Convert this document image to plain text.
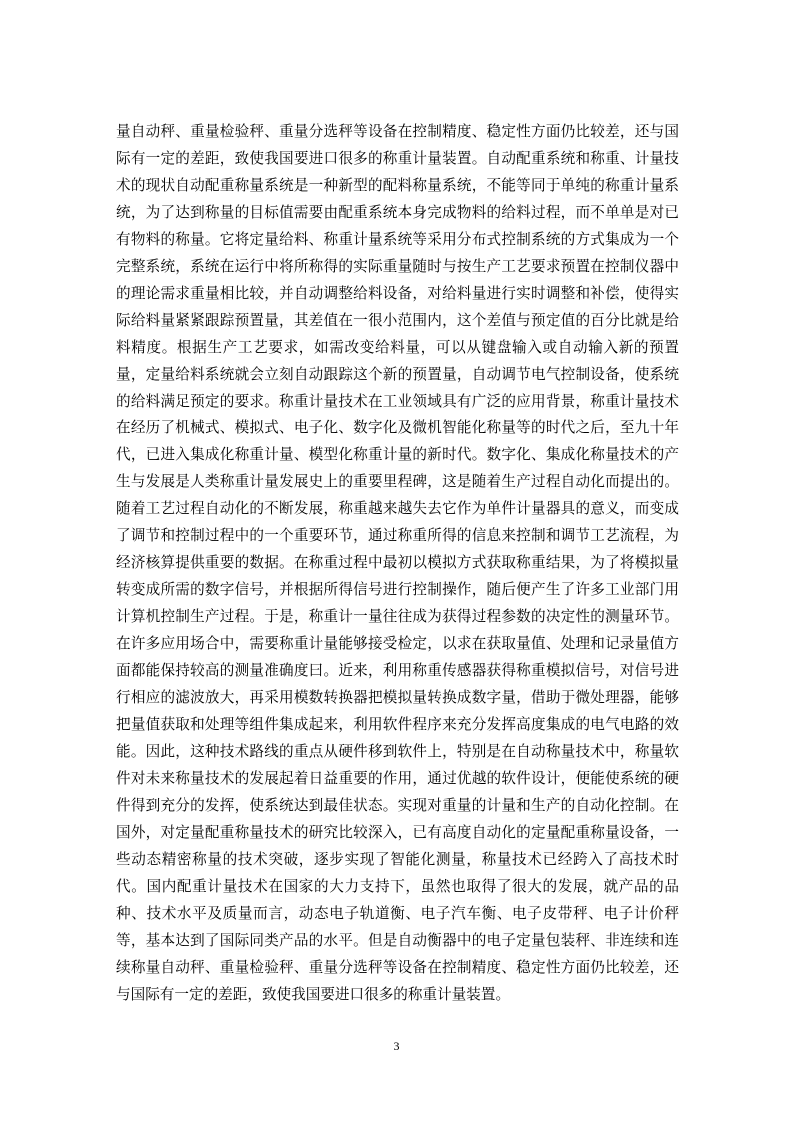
量自动秤、重量检验秤、重量分选秤等设备在控制精度、稳定性方面仍比较差，还与国际有一定的差距，致使我国要进口很多的称重计量装置。自动配重系统和称重、计量技术的现状自动配重称量系统是一种新型的配料称量系统，不能等同于单纯的称重计量系统，为了达到称量的目标值需要由配重系统本身完成物料的给料过程，而不单单是对已有物料的称量。它将定量给料、称重计量系统等采用分布式控制系统的方式集成为一个完整系统，系统在运行中将所称得的实际重量随时与按生产工艺要求预置在控制仪器中的理论需求重量相比较，并自动调整给料设备，对给料量进行实时调整和补偿，使得实际给料量紧紧跟踪预置量，其差值在一很小范围内，这个差值与预定值的百分比就是给料精度。根据生产工艺要求，如需改变给料量，可以从键盘输入或自动输入新的预置量，定量给料系统就会立刻自动跟踪这个新的预置量，自动调节电气控制设备，使系统的给料满足预定的要求。称重计量技术在工业领域具有广泛的应用背景，称重计量技术在经历了机械式、模拟式、电子化、数字化及微机智能化称量等的时代之后，至九十年代，已进入集成化称重计量、模型化称重计量的新时代。数字化、集成化称量技术的产生与发展是人类称重计量发展史上的重要里程碑，这是随着生产过程自动化而提出的。随着工艺过程自动化的不断发展，称重越来越失去它作为单件计量器具的意义，而变成了调节和控制过程中的一个重要环节，通过称重所得的信息来控制和调节工艺流程，为经济核算提供重要的数据。在称重过程中最初以模拟方式获取称重结果，为了将模拟量转变成所需的数字信号，并根据所得信号进行控制操作，随后便产生了许多工业部门用计算机控制生产过程。于是，称重计一量往往成为获得过程参数的决定性的测量环节。在许多应用场合中，需要称重计量能够接受检定，以求在获取量值、处理和记录量值方面都能保持较高的测量准确度曰。近来，利用称重传感器获得称重模拟信号，对信号进行相应的滤波放大，再采用模数转换器把模拟量转换成数字量，借助于微处理器，能够把量值获取和处理等组件集成起来，利用软件程序来充分发挥高度集成的电气电路的效能。因此，这种技术路线的重点从硬件移到软件上，特别是在自动称量技术中，称量软件对未来称量技术的发展起着日益重要的作用，通过优越的软件设计，便能使系统的硬件得到充分的发挥，使系统达到最佳状态。实现对重量的计量和生产的自动化控制。在国外，对定量配重称量技术的研究比较深入，已有高度自动化的定量配重称量设备，一些动态精密称量的技术突破，逐步实现了智能化测量，称量技术已经跨入了高技术时代。国内配重计量技术在国家的大力支持下，虽然也取得了很大的发展，就产品的品种、技术水平及质量而言，动态电子轨道衡、电子汽车衡、电子皮带秤、电子计价秤等，基本达到了国际同类产品的水平。但是自动衡器中的电子定量包装秤、非连续和连续称量自动秤、重量检验秤、重量分选秤等设备在控制精度、稳定性方面仍比较差，还与国际有一定的差距，致使我国要进口很多的称重计量装置。

3
